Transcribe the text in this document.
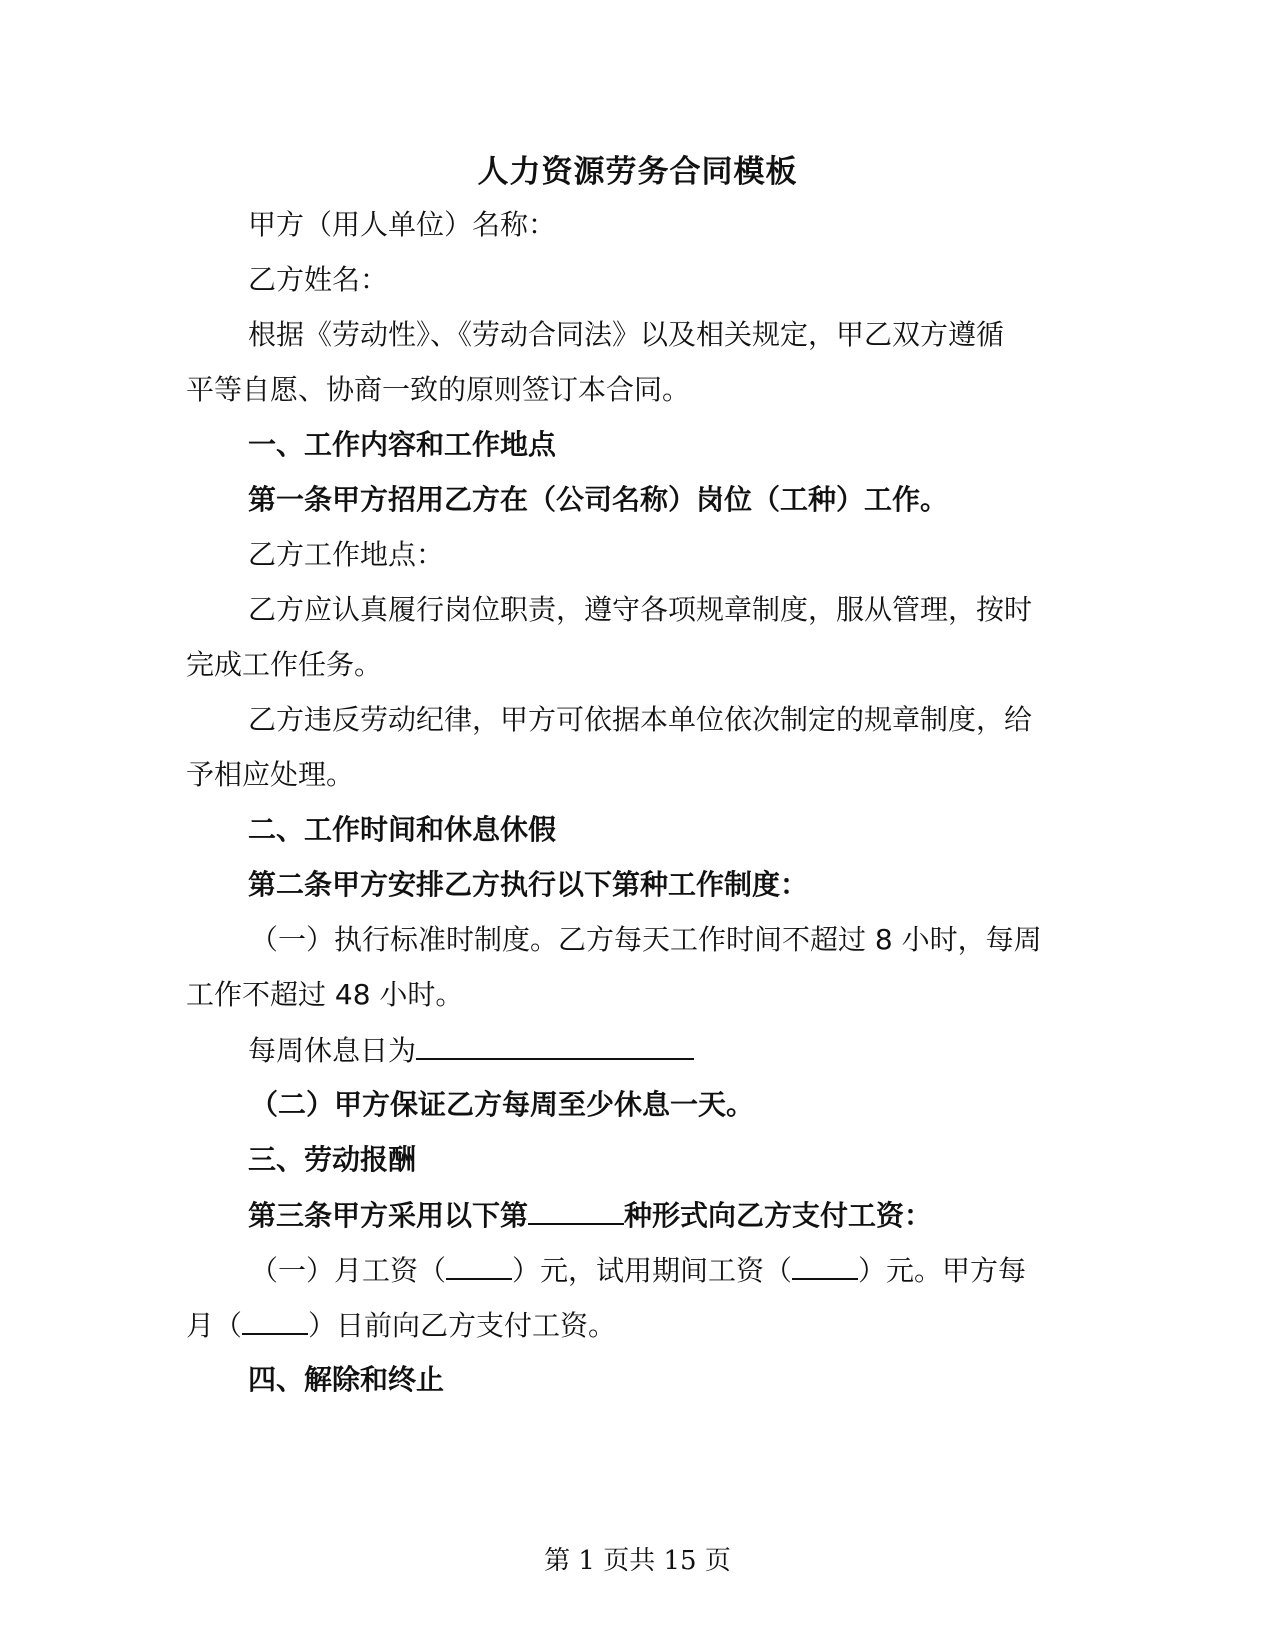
人力资源劳务合同模板
甲方（用人单位）名称：
乙方姓名：
根据《劳动性》、《劳动合同法》以及相关规定，甲乙双方遵循
平等自愿、协商一致的原则签订本合同。
一、工作内容和工作地点
第一条甲方招用乙方在（公司名称）岗位（工种）工作。
乙方工作地点：
乙方应认真履行岗位职责，遵守各项规章制度，服从管理，按时
完成工作任务。
乙方违反劳动纪律，甲方可依据本单位依次制定的规章制度，给
予相应处理。
二、工作时间和休息休假
第二条甲方安排乙方执行以下第种工作制度：
（一）执行标准时制度。乙方每天工作时间不超过 8 小时，每周
工作不超过 48 小时。
每周休息日为
（二）甲方保证乙方每周至少休息一天。
三、劳动报酬
第三条甲方采用以下第	种形式向乙方支付工资：
（一）月工资（ ）元，试用期间工资（ ）元。甲方每
月（ ）日前向乙方支付工资。
四、解除和终止
第 1 页共 15 页
